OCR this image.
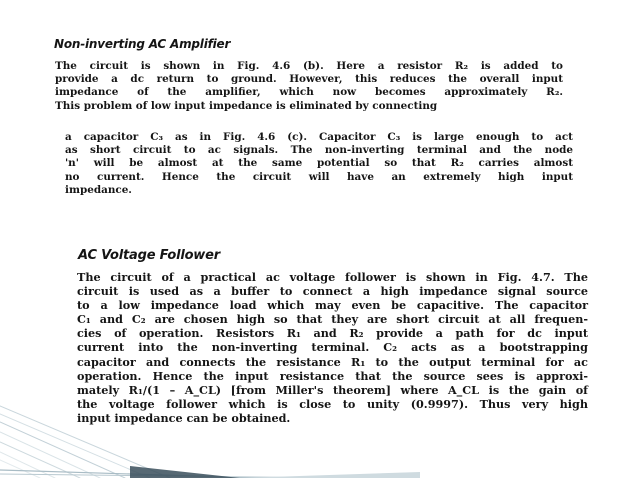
Non-inverting AC Amplifier
The circuit is shown in Fig. 4.6 (b). Here a resistor R₂ is added to
provide a dc return to ground. However, this reduces the overall input
impedance of the amplifier, which now becomes approximately R₂.
This problem of low input impedance is eliminated by connecting
a capacitor C₃ as in Fig. 4.6 (c). Capacitor C₃ is large enough to act
as short circuit to ac signals. The non-inverting terminal and the node
'n' will be almost at the same potential so that R₂ carries almost
no current. Hence the circuit will have an extremely high input
impedance.
AC Voltage Follower
The circuit of a practical ac voltage follower is shown in Fig. 4.7. The
circuit is used as a buffer to connect a high impedance signal source
to a low impedance load which may even be capacitive. The capacitor
C₁ and C₂ are chosen high so that they are short circuit at all frequen-
cies of operation. Resistors R₁ and R₂ provide a path for dc input
current into the non-inverting terminal. C₂ acts as a bootstrapping
capacitor and connects the resistance R₁ to the output terminal for ac
operation. Hence the input resistance that the source sees is approxi-
mately R₁/(1 – A_CL) [from Miller's theorem] where A_CL is the gain of
the voltage follower which is close to unity (0.9997). Thus very high
input impedance can be obtained.
